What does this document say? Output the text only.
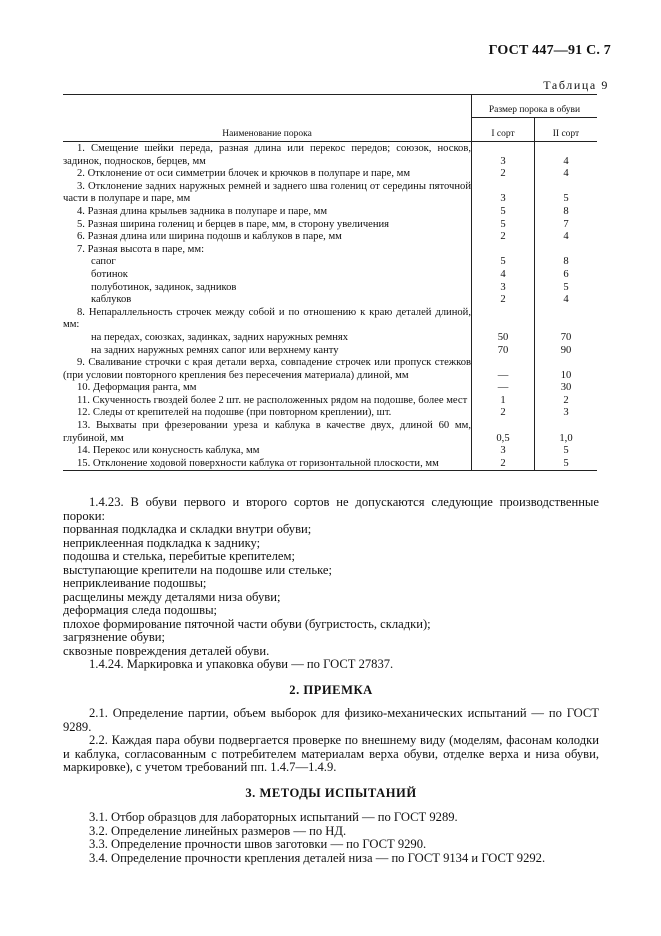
ГОСТ 447—91 С. 7
Таблица 9
Наименование порока	Размер порока в обуви	
	I сорт	II сорт

1. Смещение шейки переда, разная длина или перекос передов; союзок, носков, задинок, подносков, берцев, мм	3	4
2. Отклонение от оси симметрии блочек и крючков в полупаре и паре, мм	2	4
3. Отклонение задних наружных ремней и заднего шва голениц от середины пяточной части в полупаре и паре, мм	3	5
4. Разная длина крыльев задника в полупаре и паре, мм	5	8
5. Разная ширина голениц и берцев в паре, мм, в сторону увеличения	5	7
6. Разная длина или ширина подошв и каблуков в паре, мм	2	4
7. Разная высота в паре, мм:		
сапог	5	8
ботинок	4	6
полуботинок, задинок, задников	3	5
каблуков	2	4
8. Непараллельность строчек между собой и по отношению к краю деталей длиной, мм:		
на передах, союзках, задинках, задних наружных ремнях	50	70
на задних наружных ремнях сапог или верхнему канту	70	90
9. Сваливание строчки с края детали верха, совпадение строчек или пропуск стежков (при условии повторного крепления без пересечения материала) длиной, мм	—	10
10. Деформация ранта, мм	—	30
11. Скученность гвоздей более 2 шт. не расположенных рядом на подошве, более мест	1	2
12. Следы от крепителей на подошве (при повторном креплении), шт.	2	3
13. Выхваты при фрезеровании уреза и каблука в качестве двух, длиной 60 мм, глубиной, мм	0,5	1,0
14. Перекос или конусность каблука, мм	3	5
15. Отклонение ходовой поверхности каблука от горизонтальной плоскости, мм	2	5

1.4.23. В обуви первого и второго сортов не допускаются следующие производственные пороки:

порванная подкладка и складки внутри обуви;

неприклеенная подкладка к заднику;

подошва и стелька, перебитые крепителем;

выступающие крепители на подошве или стельке;

неприклеивание подошвы;

расщелины между деталями низа обуви;

деформация следа подошвы;

плохое формирование пяточной части обуви (бугристость, складки);

загрязнение обуви;

сквозные повреждения деталей обуви.

1.4.24. Маркировка и упаковка обуви — по ГОСТ 27837.

2. ПРИЕМКА

2.1. Определение партии, объем выборок для физико-механических испытаний — по ГОСТ 9289.

2.2. Каждая пара обуви подвергается проверке по внешнему виду (моделям, фасонам колодки и каблука, согласованным с потребителем материалам верха обуви, отделке верха и низа обуви, маркировке), с учетом требований пп. 1.4.7—1.4.9.

3. МЕТОДЫ ИСПЫТАНИЙ

3.1. Отбор образцов для лабораторных испытаний — по ГОСТ 9289.

3.2. Определение линейных размеров — по НД.

3.3. Определение прочности швов заготовки — по ГОСТ 9290.

3.4. Определение прочности крепления деталей низа — по ГОСТ 9134 и ГОСТ 9292.
